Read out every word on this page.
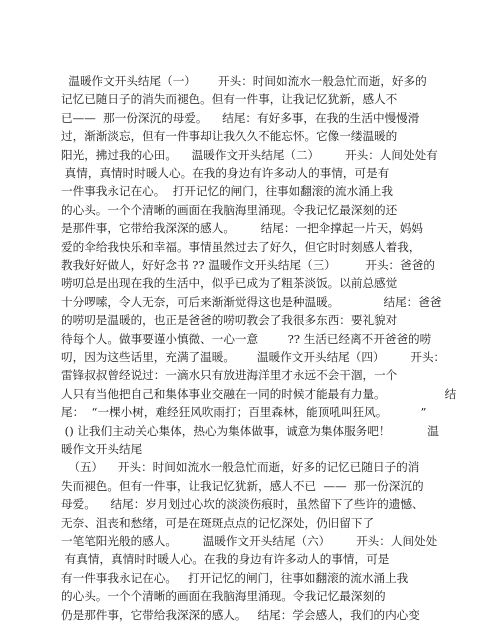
温暖作文开头结尾（一）      开头：时间如流水一般急忙而逝，好多的
记忆已随日子的消失而褪色。但有一件事，让我记忆犹新，感人不
已——  那一份深沉的母爱。    结尾：有好多事，在我的生活中慢慢滑
过，渐渐淡忘，但有一件事却让我久久不能忘怀。它像一缕温暖的
阳光，拂过我的心田。    温暖作文开头结尾（二）       开头：人间处处有
真情，真情时时暖人心。在我的身边有许多动人的事情，可是有
一件事我永记在心。  打开记忆的闸门，往事如翻滚的流水涌上我
的心头。一个个清晰的画面在我脑海里涌现。令我记忆最深刻的还
是那件事，它带给我深深的感人。       结尾：一把伞撑起一片天，妈妈
爱的伞给我快乐和幸福。事情虽然过去了好久，但它时时刻感人着我，
教我好好做人，好好念书 ?? 温暖作文开头结尾（三）        开头：爸爸的
唠叨总是出现在我的生活中，似乎已成为了粗茶淡饭。以前总感觉
十分啰嗦，令人无奈，可后来渐渐觉得这也是种温暖。            结尾：爸爸
的唠叨是温暖的，也正是爸爸的唠叨教会了我很多东西：要礼貌对
待每个人。做事要谨小慎微、一心一意        ?? 生活已经离不开爸爸的唠
叨，因为这些话里，充满了温暖。      温暖作文开头结尾（四）       开头：
雷锋叔叔曾经说过：一滴水只有放进海洋里才永远不会干涸，一个
人只有当他把自己和集体事业交融在一同的时候才能最有力量。                结
尾：  “一棵小树，难经狂风吹雨打；百里森林，能顶吼叫狂风。         ”
() 让我们主动关心集体，热心为集体做事，诚意为集体服务吧！          温
暖作文开头结尾
（五）    开头：时间如流水一般急忙而逝，好多的记忆已随日子的消
失而褪色。但有一件事，让我记忆犹新，感人不已  ——  那一份深沉的
母爱。    结尾：岁月划过心坎的淡淡伤痕时，虽然留下了些许的遗憾、
无奈、沮丧和愁绪，可是在斑斑点点的记忆深处，仍旧留下了
一笔笔阳光般的感人。       温暖作文开头结尾（六）       开头：人间处处
有真情，真情时时暖人心。在我的身边有许多动人的事情，可是
有一件事我永记在心。   打开记忆的闸门，往事如翻滚的流水涌上我
的心头。一个个清晰的画面在我脑海里涌现。令我记忆最深刻的
仍是那件事，它带给我深深的感人。   结尾：学会感人，我们的内心变
